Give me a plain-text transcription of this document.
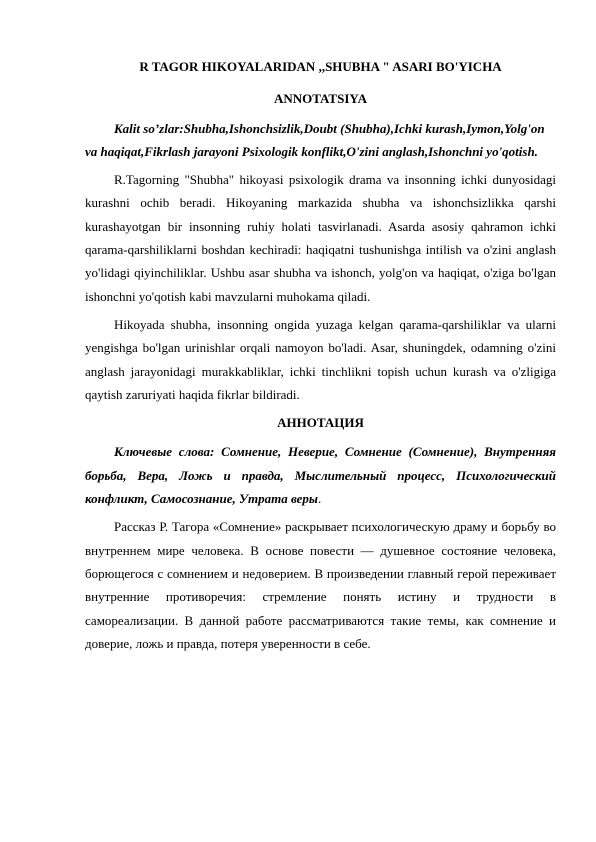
R TAGOR HIKOYALARIDAN ,,SHUBHA " ASARI BO'YICHA
ANNOTATSIYA

Kalit so’zlar:Shubha,Ishonchsizlik,Doubt (Shubha),Ichki kurash,Iymon,Yolg'on va haqiqat,Fikrlash jarayoni Psixologik konflikt,O'zini anglash,Ishonchni yo'qotish.

R.Tagorning "Shubha" hikoyasi psixologik drama va insonning ichki dunyosidagi kurashni ochib beradi. Hikoyaning markazida shubha va ishonchsizlikka qarshi kurashayotgan bir insonning ruhiy holati tasvirlanadi. Asarda asosiy qahramon ichki qarama-qarshiliklarni boshdan kechiradi: haqiqatni tushunishga intilish va o'zini anglash yo'lidagi qiyinchiliklar. Ushbu asar shubha va ishonch, yolg'on va haqiqat, o'ziga bo'lgan ishonchni yo'qotish kabi mavzularni muhokama qiladi.

Hikoyada shubha, insonning ongida yuzaga kelgan qarama-qarshiliklar va ularni yengishga bo'lgan urinishlar orqali namoyon bo'ladi. Asar, shuningdek, odamning o'zini anglash jarayonidagi murakkabliklar, ichki tinchlikni topish uchun kurash va o'zligiga qaytish zaruriyati haqida fikrlar bildiradi.

АННОТАЦИЯ

Ключевые слова: Сомнение, Неверие, Сомнение (Сомнение), Внутренняя борьба, Вера, Ложь и правда, Мыслительный процесс, Психологический конфликт, Самосознание, Утрата веры.

Рассказ Р. Тагора «Сомнение» раскрывает психологическую драму и борьбу во внутреннем мире человека. В основе повести — душевное состояние человека, борющегося с сомнением и недоверием. В произведении главный герой переживает внутренние противоречия: стремление понять истину и трудности в самореализации. В данной работе рассматриваются такие темы, как сомнение и доверие, ложь и правда, потеря уверенности в себе.
